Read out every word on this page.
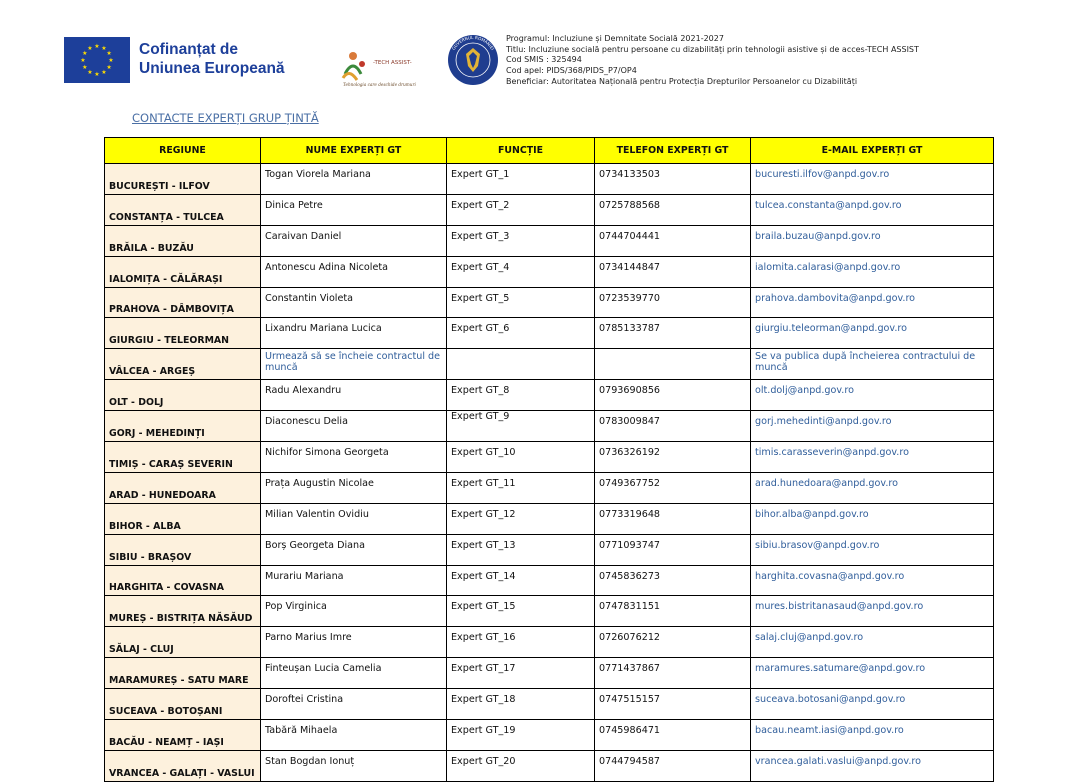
★ ★
★
★
★
★
★
★
★
★
★
★	Cofinanțat de
Uniunea Europeană	-TECH ASSIST-
Tehnologia care deschide drumuri
GUVERNUL ROMÂNIEI
Programul: Incluziune și Demnitate Socială 2021-2027
Titlu: Incluziune socială pentru persoane cu dizabilități prin tehnologii asistive și de acces-TECH ASSIST
Cod SMIS : 325494
Cod apel: PIDS/368/PIDS_P7/OP4
Beneficiar: Autoritatea Națională pentru Protecția Drepturilor Persoanelor cu Dizabilități
CONTACTE EXPERȚI GRUP ȚINTĂ
REGIUNE	NUME EXPERȚI GT	FUNCȚIE	TELEFON EXPERȚI GT	E-MAIL EXPERȚI GT
BUCUREȘTI - ILFOV	Togan Viorela Mariana	Expert GT_1	0734133503	bucuresti.ilfov@anpd.gov.ro
CONSTANȚA - TULCEA	Dinica Petre	Expert GT_2	0725788568	tulcea.constanta@anpd.gov.ro
BRĂILA - BUZĂU	Caraivan Daniel	Expert GT_3	0744704441	braila.buzau@anpd.gov.ro
IALOMIȚA - CĂLĂRAȘI	Antonescu Adina Nicoleta	Expert GT_4	0734144847	ialomita.calarasi@anpd.gov.ro
PRAHOVA - DÂMBOVIȚA	Constantin Violeta	Expert GT_5	0723539770	prahova.dambovita@anpd.gov.ro
GIURGIU - TELEORMAN	Lixandru Mariana Lucica	Expert GT_6	0785133787	giurgiu.teleorman@anpd.gov.ro
VÂLCEA - ARGEȘ	Urmează să se încheie contractul de muncă			Se va publica după încheierea contractului de muncă
OLT - DOLJ	Radu Alexandru	Expert GT_8	0793690856	olt.dolj@anpd.gov.ro
GORJ - MEHEDINȚI	Diaconescu Delia	Expert GT_9	0783009847	gorj.mehedinti@anpd.gov.ro
TIMIȘ - CARAȘ SEVERIN	Nichifor Simona Georgeta	Expert GT_10	0736326192	timis.carasseverin@anpd.gov.ro
ARAD - HUNEDOARA	Prața Augustin Nicolae	Expert GT_11	0749367752	arad.hunedoara@anpd.gov.ro
BIHOR - ALBA	Milian Valentin Ovidiu	Expert GT_12	0773319648	bihor.alba@anpd.gov.ro
SIBIU - BRAȘOV	Borș Georgeta Diana	Expert GT_13	0771093747	sibiu.brasov@anpd.gov.ro
HARGHITA - COVASNA	Murariu Mariana	Expert GT_14	0745836273	harghita.covasna@anpd.gov.ro
MUREȘ - BISTRIȚA NĂSĂUD	Pop Virginica	Expert GT_15	0747831151	mures.bistritanasaud@anpd.gov.ro
SĂLAJ - CLUJ	Parno Marius Imre	Expert GT_16	0726076212	salaj.cluj@anpd.gov.ro
MARAMUREȘ - SATU MARE	Finteușan Lucia Camelia	Expert GT_17	0771437867	maramures.satumare@anpd.gov.ro
SUCEAVA - BOTOȘANI	Doroftei Cristina	Expert GT_18	0747515157	suceava.botosani@anpd.gov.ro
BACĂU - NEAMȚ - IAȘI	Tabără Mihaela	Expert GT_19	0745986471	bacau.neamt.iasi@anpd.gov.ro
VRANCEA - GALAȚI - VASLUI	Stan Bogdan Ionuț	Expert GT_20	0744794587	vrancea.galati.vaslui@anpd.gov.ro
